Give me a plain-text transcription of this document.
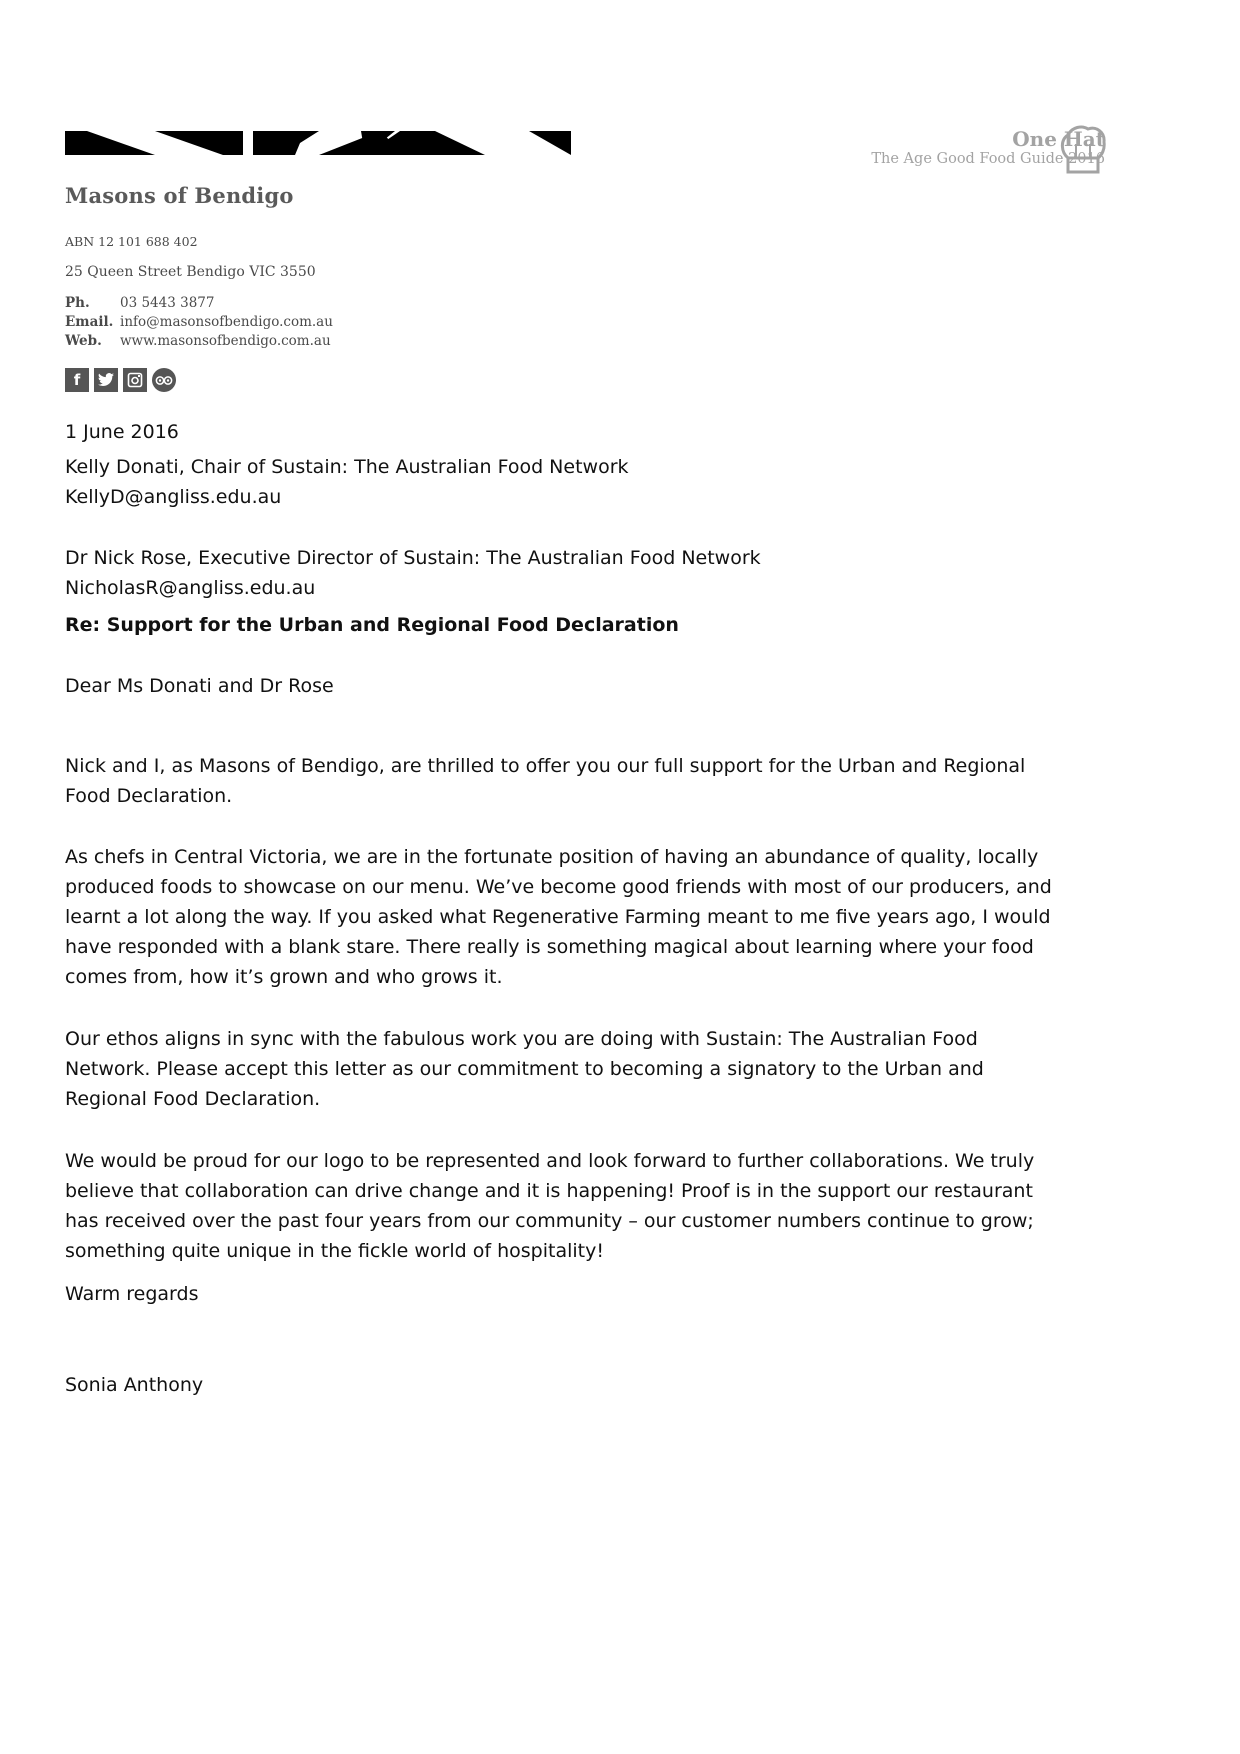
Masons of Bendigo
ABN 12 101 688 402
25 Queen Street Bendigo VIC 3550
Ph.	03 5443 3877
Email. info@masonsofbendigo.com.au
Web.	www.masonsofbendigo.com.au
f
One Hat
The Age Good Food Guide 2016
1 June 2016
Kelly Donati, Chair of Sustain: The Australian Food Network
KellyD@angliss.edu.au
Dr Nick Rose, Executive Director of Sustain: The Australian Food Network
NicholasR@angliss.edu.au
Re: Support for the Urban and Regional Food Declaration
Dear Ms Donati and Dr Rose

Nick and I, as Masons of Bendigo, are thrilled to offer you our full support for the Urban and Regional Food Declaration.

As chefs in Central Victoria, we are in the fortunate position of having an abundance of quality, locally produced foods to showcase on our menu. We’ve become good friends with most of our producers, and learnt a lot along the way. If you asked what Regenerative Farming meant to me five years ago, I would have responded with a blank stare. There really is something magical about learning where your food comes from, how it’s grown and who grows it.

Our ethos aligns in sync with the fabulous work you are doing with Sustain: The Australian Food Network. Please accept this letter as our commitment to becoming a signatory to the Urban and Regional Food Declaration.

We would be proud for our logo to be represented and look forward to further collaborations. We truly believe that collaboration can drive change and it is happening! Proof is in the support our restaurant has received over the past four years from our community – our customer numbers continue to grow; something quite unique in the fickle world of hospitality!

Warm regards
Sonia Anthony
